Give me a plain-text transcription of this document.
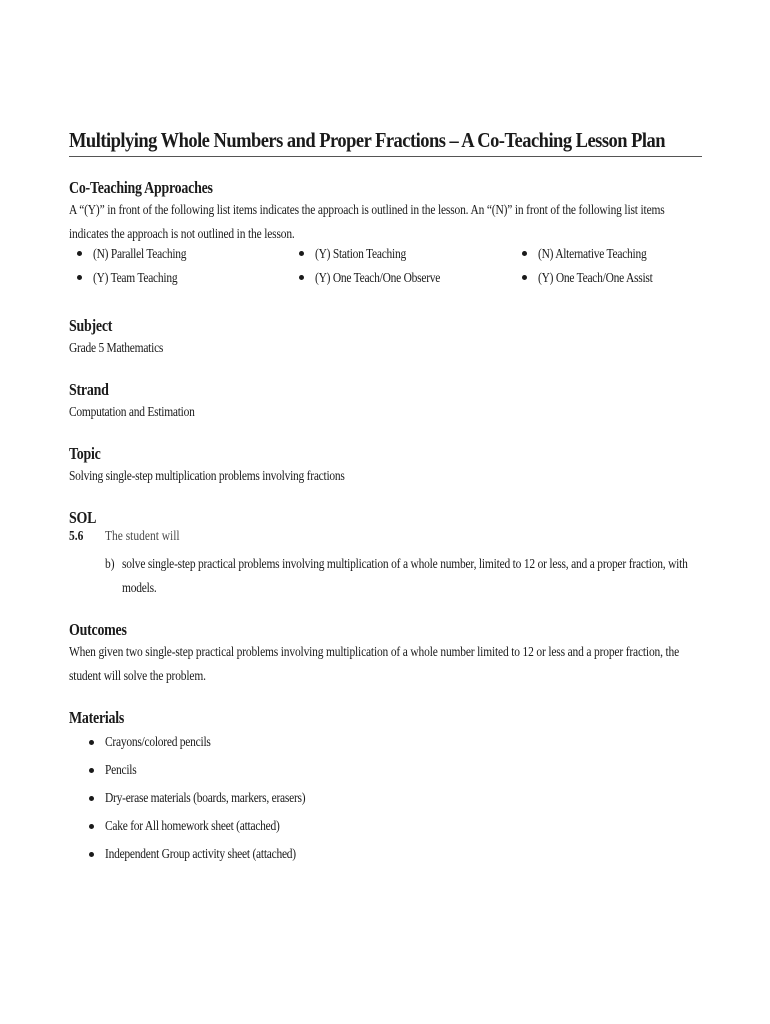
Multiplying Whole Numbers and Proper Fractions – A Co-Teaching Lesson Plan
Co-Teaching Approaches
A “(Y)” in front of the following list items indicates the approach is outlined in the lesson. An “(N)” in front of the following list items indicates the approach is not outlined in the lesson.
(N) Parallel Teaching	(Y) Station Teaching	(N) Alternative Teaching
(Y) Team Teaching	(Y) One Teach/One Observe	(Y) One Teach/One Assist
Subject
Grade 5 Mathematics
Strand
Computation and Estimation
Topic
Solving single-step multiplication problems involving fractions
SOL
5.6 The student will
b) solve single-step practical problems involving multiplication of a whole number, limited to 12 or less, and a proper fraction, with models.
Outcomes
When given two single-step practical problems involving multiplication of a whole number limited to 12 or less and a proper fraction, the student will solve the problem.
Materials
Crayons/colored pencils
Pencils
Dry-erase materials (boards, markers, erasers)
Cake for All homework sheet (attached)
Independent Group activity sheet (attached)
